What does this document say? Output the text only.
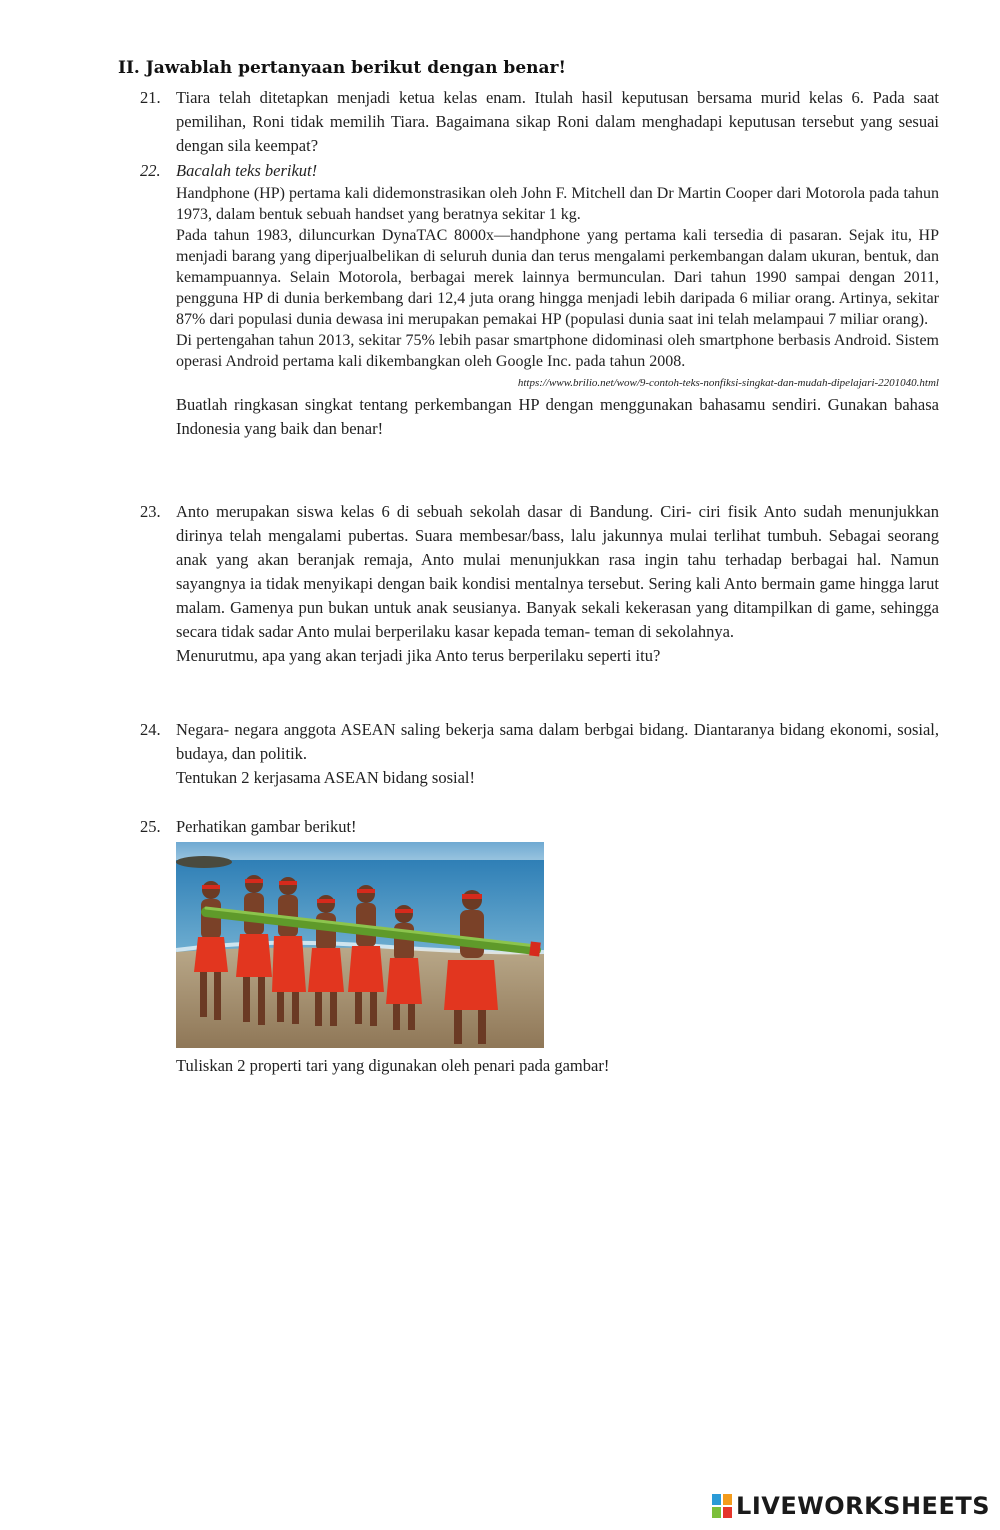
II. Jawablah pertanyaan berikut dengan benar!
21. Tiara telah ditetapkan menjadi ketua kelas enam. Itulah hasil keputusan bersama murid kelas 6. Pada saat pemilihan, Roni tidak memilih Tiara. Bagaimana sikap Roni dalam menghadapi keputusan tersebut yang sesuai dengan sila keempat?

22. Bacalah teks berikut!

Handphone (HP) pertama kali didemonstrasikan oleh John F. Mitchell dan Dr Martin Cooper dari Motorola pada tahun 1973, dalam bentuk sebuah handset yang beratnya sekitar 1 kg.

Pada tahun 1983, diluncurkan DynaTAC 8000x—handphone yang pertama kali tersedia di pasaran. Sejak itu, HP menjadi barang yang diperjualbelikan di seluruh dunia dan terus mengalami perkembangan dalam ukuran, bentuk, dan kemampuannya. Selain Motorola, berbagai merek lainnya bermunculan. Dari tahun 1990 sampai dengan 2011, pengguna HP di dunia berkembang dari 12,4 juta orang hingga menjadi lebih daripada 6 miliar orang. Artinya, sekitar 87% dari populasi dunia dewasa ini merupakan pemakai HP (populasi dunia saat ini telah melampaui 7 miliar orang).

Di pertengahan tahun 2013, sekitar 75% lebih pasar smartphone didominasi oleh smartphone berbasis Android. Sistem operasi Android pertama kali dikembangkan oleh Google Inc. pada tahun 2008.

https://www.brilio.net/wow/9-contoh-teks-nonfiksi-singkat-dan-mudah-dipelajari-2201040.html

Buatlah ringkasan singkat tentang perkembangan HP dengan menggunakan bahasamu sendiri. Gunakan bahasa Indonesia yang baik dan benar!

23. Anto merupakan siswa kelas 6 di sebuah sekolah dasar di Bandung. Ciri- ciri fisik Anto sudah menunjukkan dirinya telah mengalami pubertas. Suara membesar/bass, lalu jakunnya mulai terlihat tumbuh. Sebagai seorang anak yang akan beranjak remaja, Anto mulai menunjukkan rasa ingin tahu terhadap berbagai hal. Namun sayangnya ia tidak menyikapi dengan baik kondisi mentalnya tersebut. Sering kali Anto bermain game hingga larut malam. Gamenya pun bukan untuk anak seusianya. Banyak sekali kekerasan yang ditampilkan di game, sehingga secara tidak sadar Anto mulai berperilaku kasar kepada teman- teman di sekolahnya.

Menurutmu, apa yang akan terjadi jika Anto terus berperilaku seperti itu?

24. Negara- negara anggota ASEAN saling bekerja sama dalam berbgai bidang. Diantaranya bidang ekonomi, sosial, budaya, dan politik.

Tentukan 2 kerjasama ASEAN bidang sosial!

25. Perhatikan gambar berikut!

Tuliskan 2 properti tari yang digunakan oleh penari pada gambar!

LIVEWORKSHEETS
